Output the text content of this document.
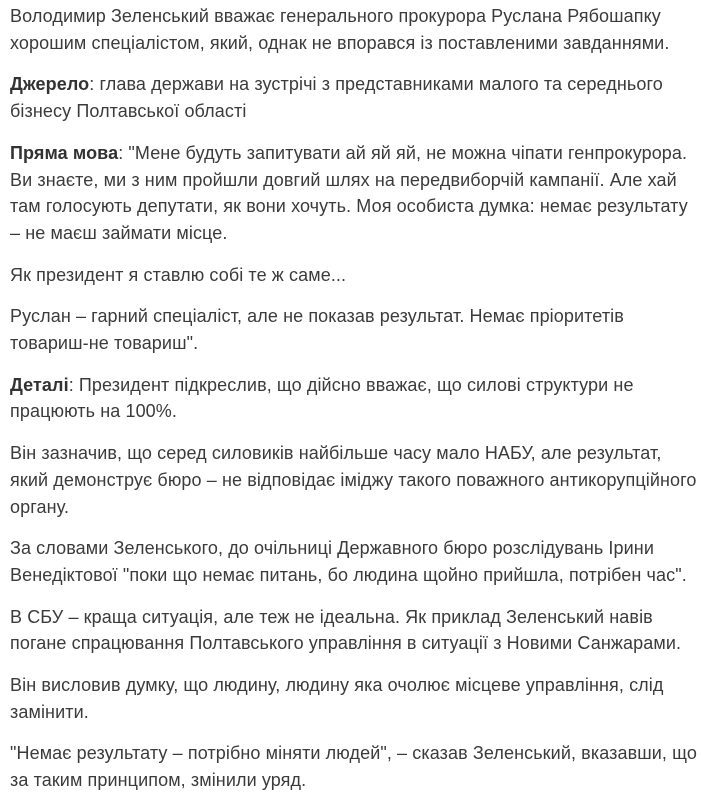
Володимир Зеленський вважає генерального прокурора Руслана Рябошапку хорошим спеціалістом, який, однак не впорався із поставленими завданнями.

Джерело: глава держави на зустрічі з представниками малого та середнього бізнесу Полтавської області

Пряма мова: "Мене будуть запитувати ай яй яй, не можна чіпати генпрокурора. Ви знаєте, ми з ним пройшли довгий шлях на передвиборчій кампанії. Але хай там голосують депутати, як вони хочуть. Моя особиста думка: немає результату – не маєш займати місце.

Як президент я ставлю собі те ж саме...

Руслан – гарний спеціаліст, але не показав результат. Немає пріоритетів товариш-не товариш".

Деталі: Президент підкреслив, що дійсно вважає, що силові структури не працюють на 100%.

Він зазначив, що серед силовиків найбільше часу мало НАБУ, але результат, який демонструє бюро – не відповідає іміджу такого поважного антикорупційного органу.

За словами Зеленського, до очільниці Державного бюро розслідувань Ірини Венедіктової "поки що немає питань, бо людина щойно прийшла, потрібен час".

В СБУ – краща ситуація, але теж не ідеальна. Як приклад Зеленський навів погане спрацювання Полтавського управління в ситуації з Новими Санжарами.

Він висловив думку, що людину, людину яка очолює місцеве управління, слід замінити.

"Немає результату – потрібно міняти людей", – сказав Зеленський, вказавши, що за таким принципом, змінили уряд.
